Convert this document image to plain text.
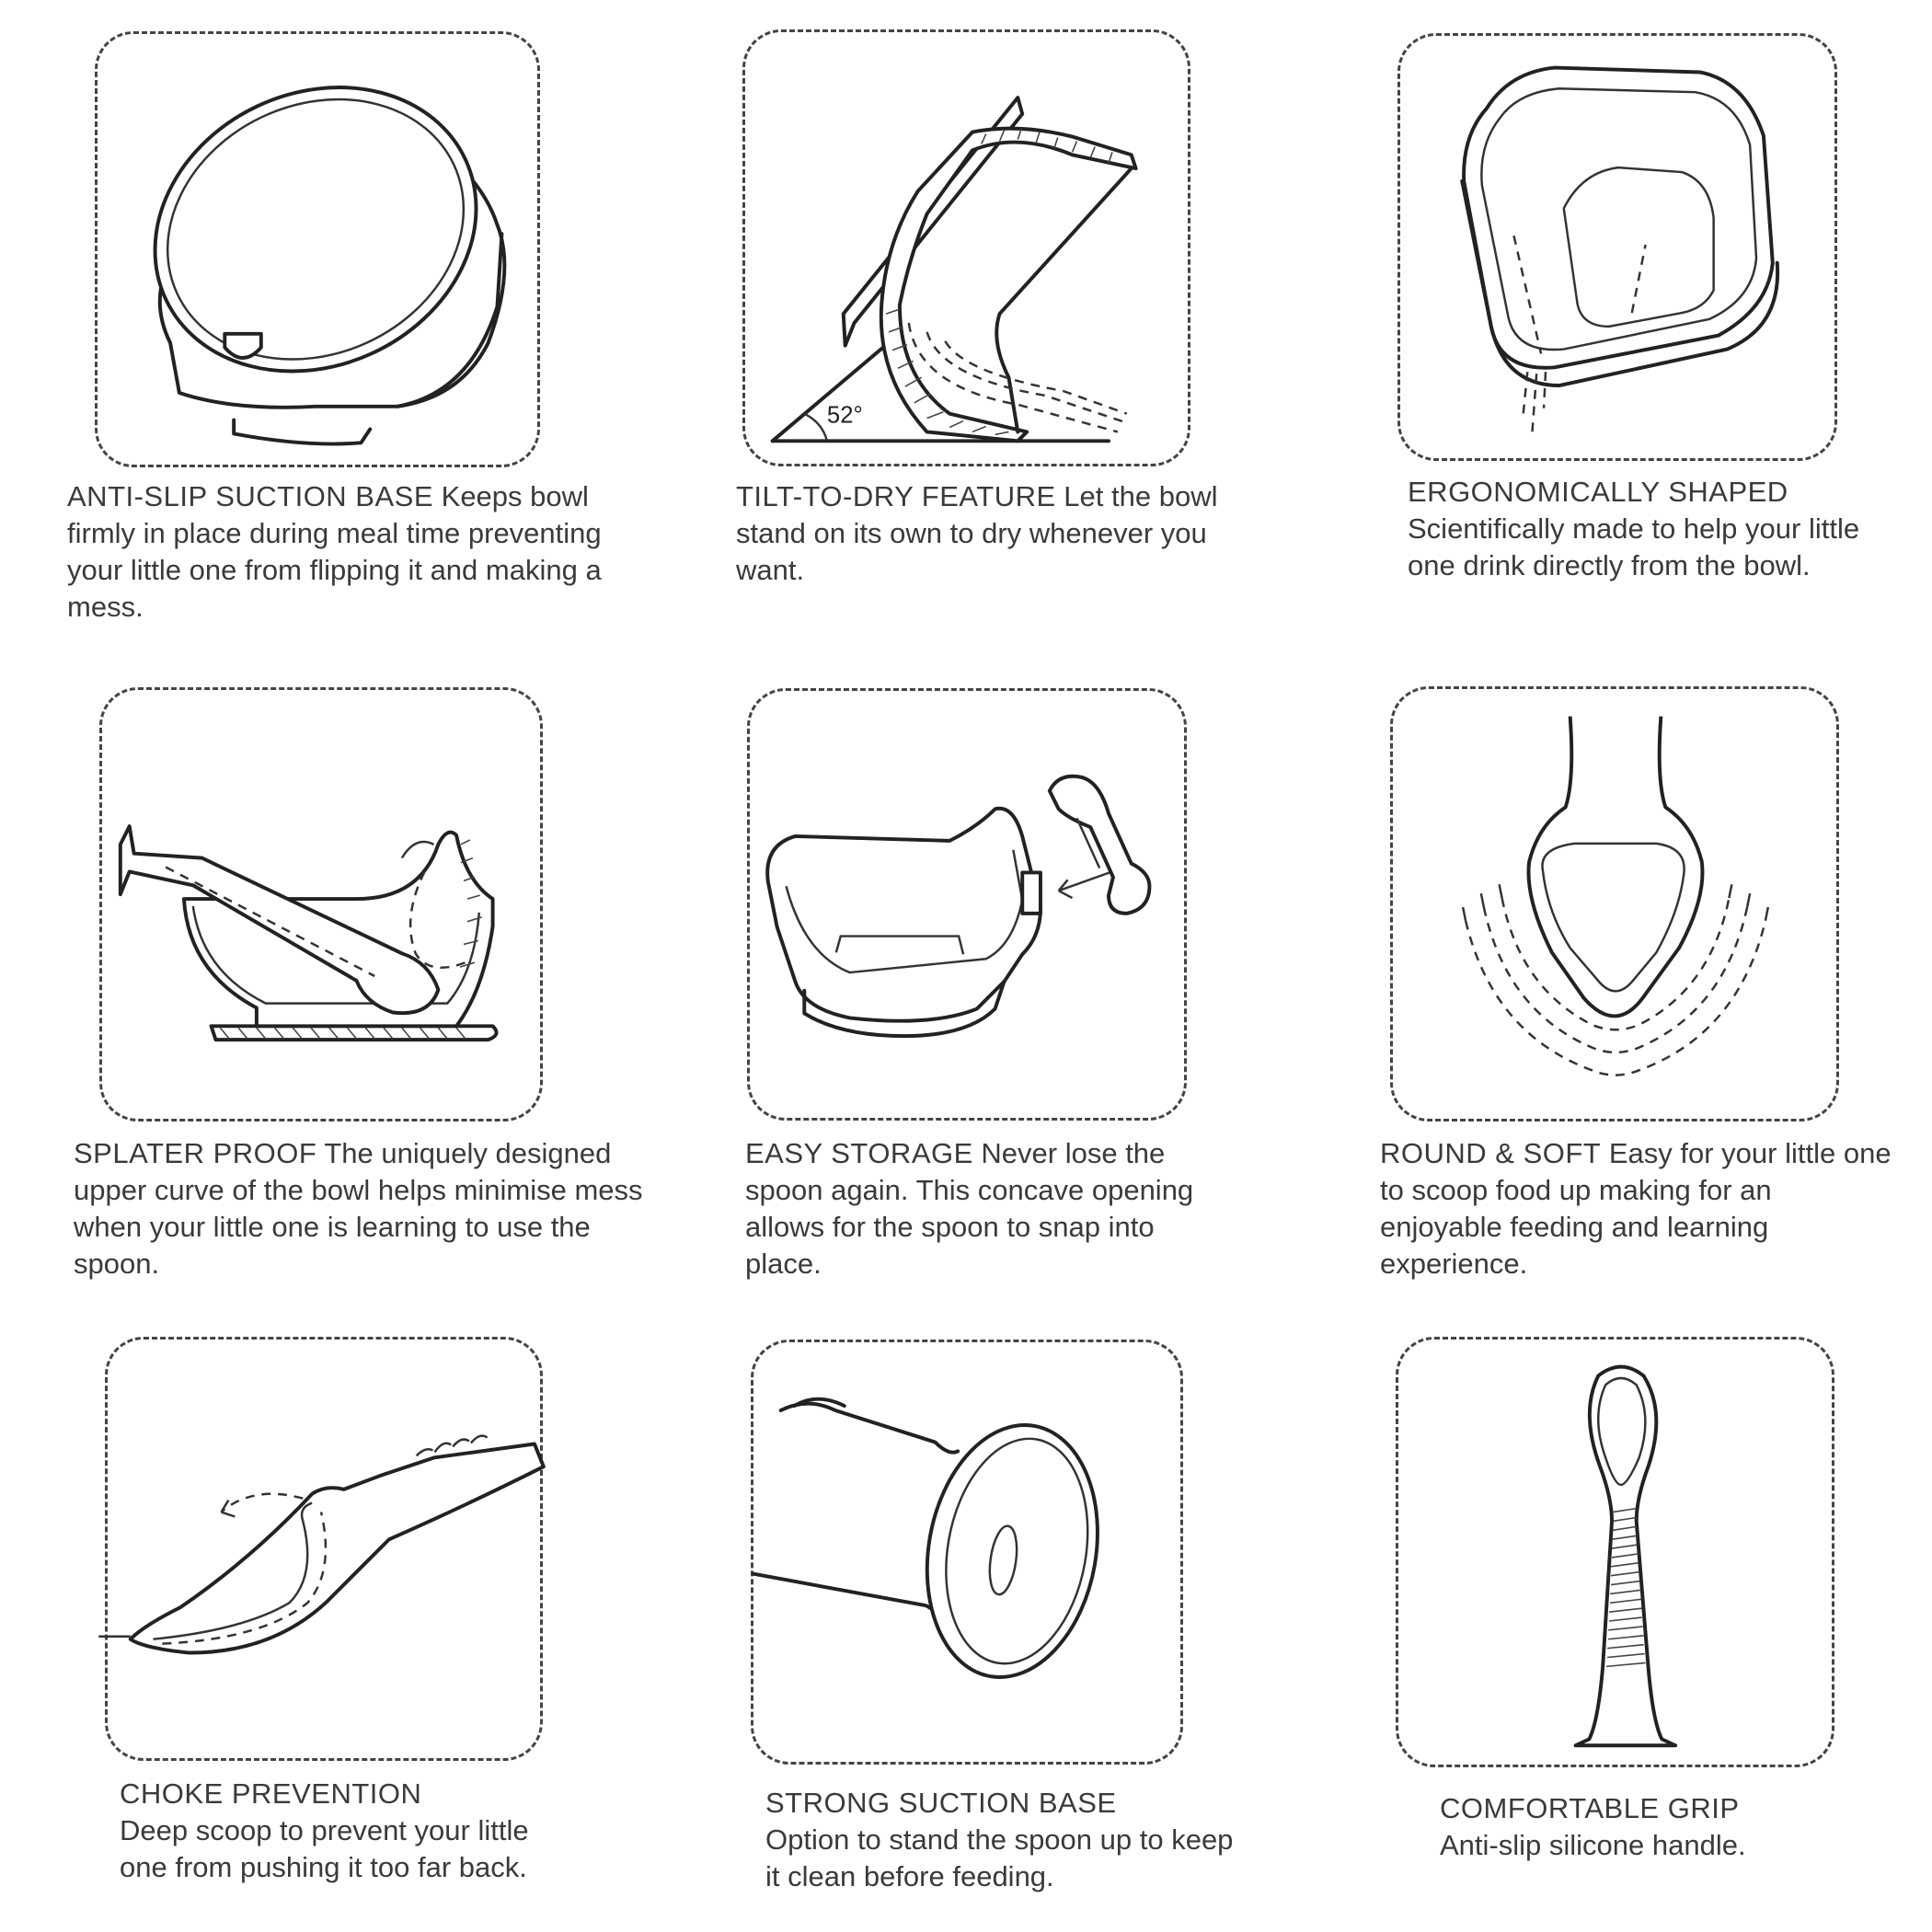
ANTI-SLIP SUCTION BASE Keeps bowl firmly in place during meal time preventing your little one from flipping it and making a mess.
52°
TILT-TO-DRY FEATURE Let the bowl stand on its own to dry whenever you want.
ERGONOMICALLY SHAPED Scientifically made to help your little one drink directly from the bowl.
SPLATER PROOF The uniquely designed upper curve of the bowl helps minimise mess when your little one is learning to use the spoon.
EASY STORAGE Never lose the spoon again. This concave opening allows for the spoon to snap into place.
ROUND & SOFT Easy for your little one to scoop food up making for an enjoyable feeding and learning experience.
CHOKE PREVENTION
Deep scoop to prevent your little one from pushing it too far back.
STRONG SUCTION BASE
Option to stand the spoon up to keep it clean before feeding.
COMFORTABLE GRIP
Anti-slip silicone handle.
